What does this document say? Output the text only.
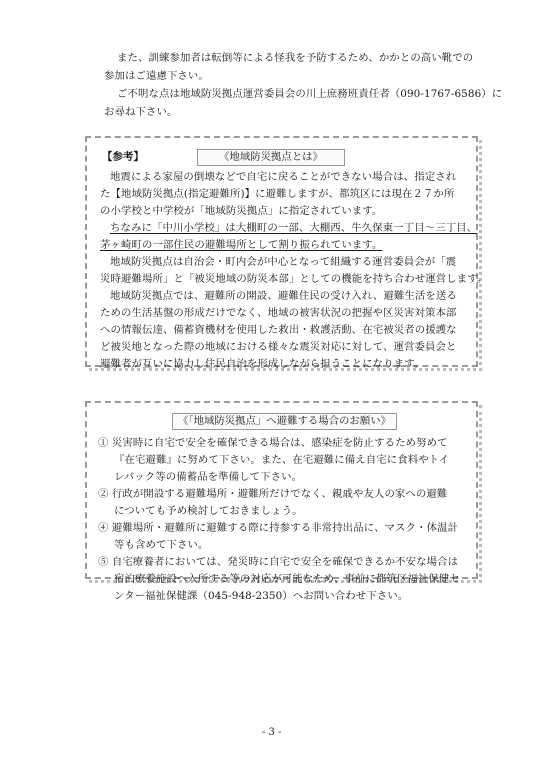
また、訓練参加者は転倒等による怪我を予防するため、かかとの高い靴での
参加はご遠慮下さい。
ご不明な点は地域防災拠点運営委員会の川上庶務班責任者（090-1767-6586）に
お尋ね下さい。
【参考】	《地域防災拠点とは》
地震による家屋の倒壊などで自宅に戻ることができない場合は、指定され
た【地域防災拠点(指定避難所)】に避難しますが、都筑区には現在２７か所
の小学校と中学校が「地域防災拠点」に指定されています。
ちなみに「中川小学校」は大棚町の一部、大棚西、牛久保東一丁目〜三丁目、
茅ヶ崎町の一部住民の避難場所として割り振られています。
地域防災拠点は自治会・町内会が中心となって組織する運営委員会が「震
災時避難場所」と「被災地域の防災本部」としての機能を持ち合わせ運営します。
地域防災拠点では、避難所の開設、避難住民の受け入れ、避難生活を送る
ための生活基盤の形成だけでなく、地域の被害状況の把握や区災害対策本部
への情報伝達、備蓄資機材を使用した救出・救護活動、在宅被災者の援護な
ど被災地となった際の地域における様々な震災対応に対して、運営委員会と
避難者が互いに協力し住民自治を形成しながら担うことになります。
《「地域防災拠点」へ避難する場合のお願い》
① 災害時に自宅で安全を確保できる場合は、感染症を防止するため努めて
『在宅避難』に努めて下さい。また、在宅避難に備え自宅に食料やトイ
レパック等の備蓄品を準備して下さい。
② 行政が開設する避難場所・避難所だけでなく、親戚や友人の家への避難
についても予め検討しておきましょう。
④ 避難場所・避難所に避難する際に持参する非常持出品に、マスク・体温計
等も含めて下さい。
⑤ 自宅療養者においては、発災時に自宅で安全を確保できるか不安な場合は
宿泊療養施設へ入所する等の対応が可能なため、事前に都筑区福祉保健セ
ンター福祉保健課（045-948-2350）へお問い合わせ下さい。
- 3 -
